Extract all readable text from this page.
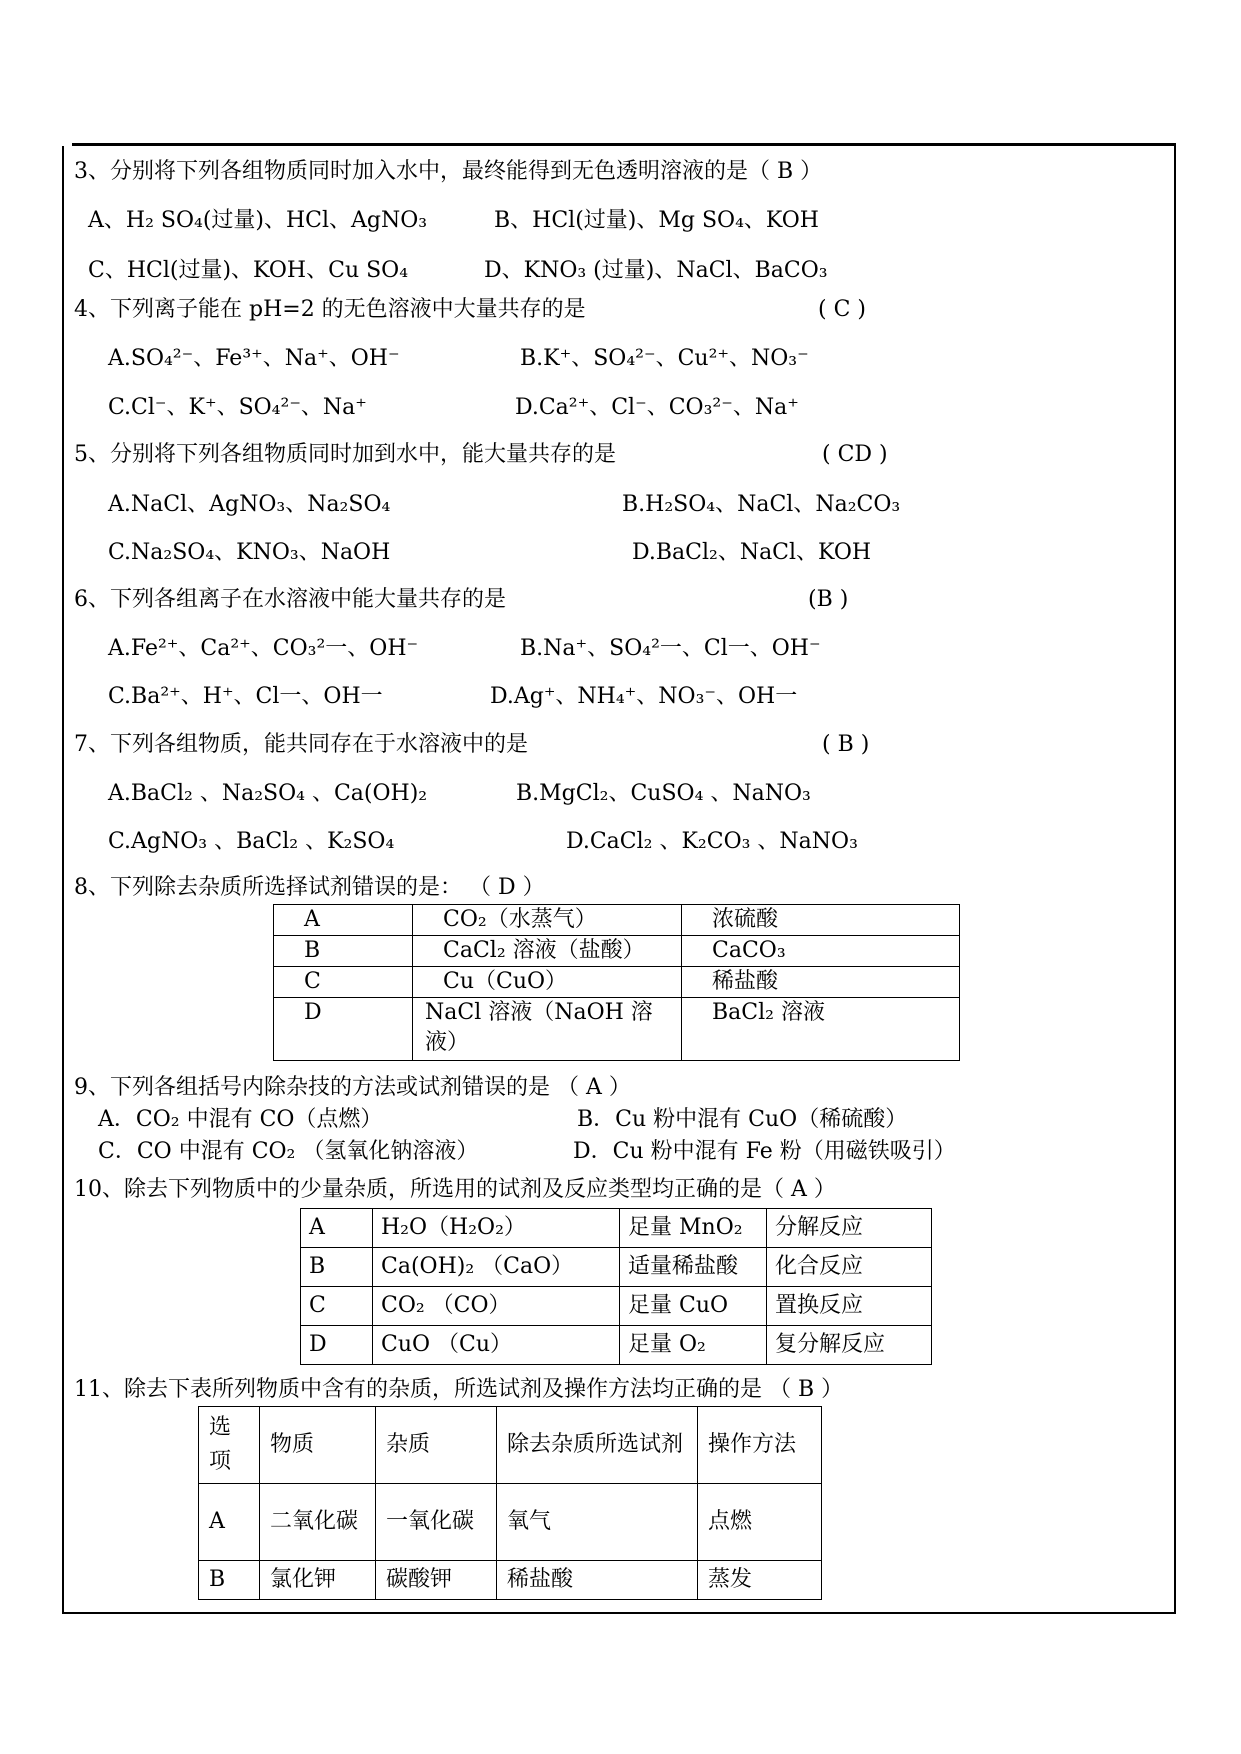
3、分别将下列各组物质同时加入水中，最终能得到无色透明溶液的是（ B ）
A、H₂ SO₄(过量)、HCl、AgNO₃	B、HCl(过量)、Mg SO₄、KOH
C、HCl(过量)、KOH、Cu SO₄	D、KNO₃ (过量)、NaCl、BaCO₃
4、下列离子能在 pH=2 的无色溶液中大量共存的是	( C )
A.SO₄²⁻、Fe³⁺、Na⁺、OH⁻	B.K⁺、SO₄²⁻、Cu²⁺、NO₃⁻
C.Cl⁻、K⁺、SO₄²⁻、Na⁺	D.Ca²⁺、Cl⁻、CO₃²⁻、Na⁺
5、分别将下列各组物质同时加到水中，能大量共存的是	( CD )
A.NaCl、AgNO₃、Na₂SO₄	B.H₂SO₄、NaCl、Na₂CO₃
C.Na₂SO₄、KNO₃、NaOH	D.BaCl₂、NaCl、KOH
6、下列各组离子在水溶液中能大量共存的是	(B )
A.Fe²⁺、Ca²⁺、CO₃²一、OH⁻	B.Na⁺、SO₄²一、Cl一、OH⁻
C.Ba²⁺、H⁺、Cl一、OH一	D.Ag⁺、NH₄⁺、NO₃⁻、OH一
7、下列各组物质，能共同存在于水溶液中的是	( B )
A.BaCl₂ 、Na₂SO₄ 、Ca(OH)₂	B.MgCl₂、CuSO₄ 、NaNO₃
C.AgNO₃ 、BaCl₂ 、K₂SO₄	D.CaCl₂ 、K₂CO₃ 、NaNO₃
8、下列除去杂质所选择试剂错误的是： （ D ）
A	CO₂（水蒸气）	浓硫酸
B	CaCl₂ 溶液（盐酸）	CaCO₃
C	Cu（CuO）	稀盐酸
D	NaCl 溶液（NaOH 溶液）	BaCl₂ 溶液
9、下列各组括号内除杂技的方法或试剂错误的是 （ A ）
A．CO₂ 中混有 CO（点燃）	B．Cu 粉中混有 CuO（稀硫酸）
C．CO 中混有 CO₂ （氢氧化钠溶液）	D．Cu 粉中混有 Fe 粉（用磁铁吸引）
10、除去下列物质中的少量杂质，所选用的试剂及反应类型均正确的是（ A ）
A	H₂O（H₂O₂）	足量 MnO₂	分解反应
B	Ca(OH)₂ （CaO）	适量稀盐酸	化合反应
C	CO₂ （CO）	足量 CuO	置换反应
D	CuO （Cu）	足量 O₂	复分解反应
11、除去下表所列物质中含有的杂质，所选试剂及操作方法均正确的是 （ B ）
选项	物质	杂质	除去杂质所选试剂	操作方法
A	二氧化碳	一氧化碳	氧气	点燃
B	氯化钾	碳酸钾	稀盐酸	蒸发
